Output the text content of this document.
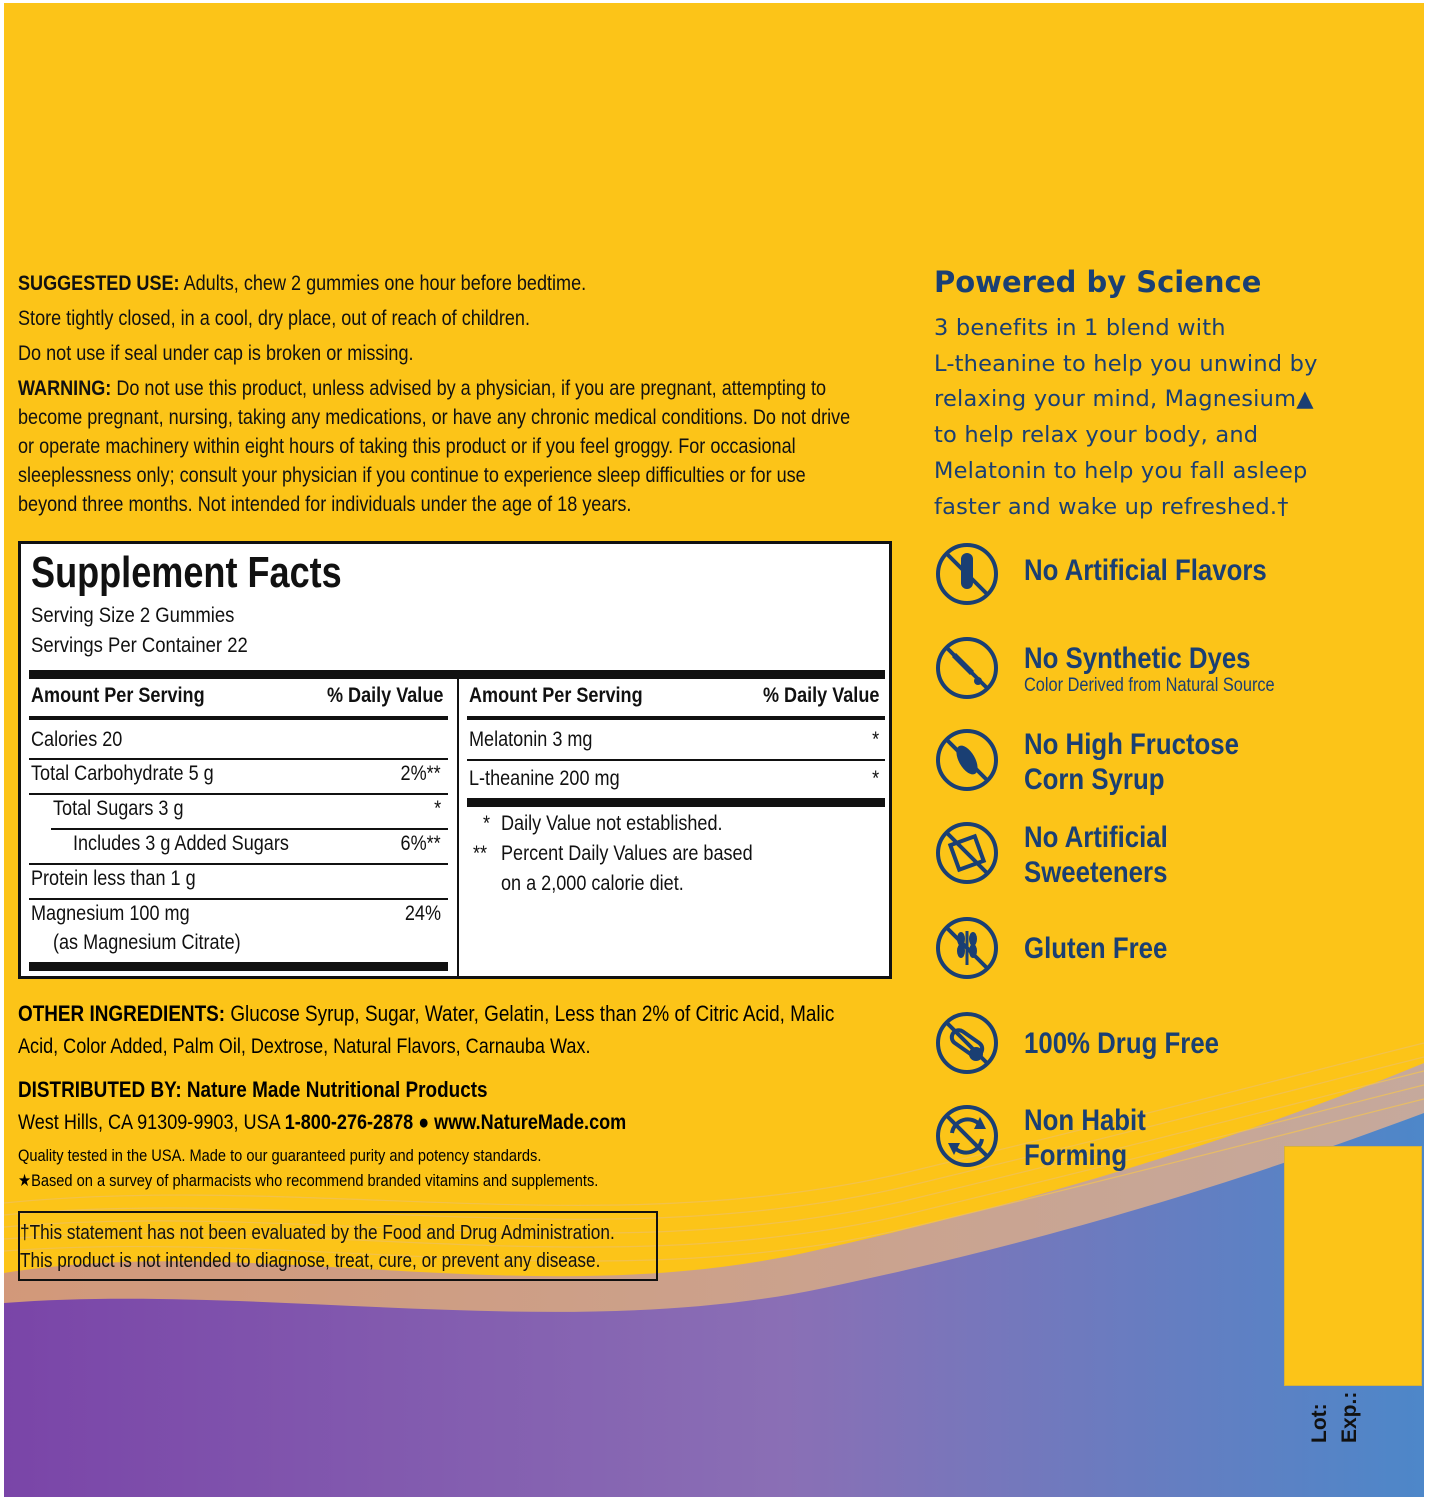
SUGGESTED USE: Adults, chew 2 gummies one hour before bedtime.

Store tightly closed, in a cool, dry place, out of reach of children.

Do not use if seal under cap is broken or missing.

WARNING: Do not use this product, unless advised by a physician, if you are pregnant, attempting to

become pregnant, nursing, taking any medications, or have any chronic medical conditions. Do not drive

or operate machinery within eight hours of taking this product or if you feel groggy. For occasional

sleeplessness only; consult your physician if you continue to experience sleep difficulties or for use

beyond three months. Not intended for individuals under the age of 18 years.

Supplement Facts
Serving Size 2 Gummies
Servings Per Container 22
Amount Per Serving	% Daily Value Amount Per Serving	% Daily Value
Calories 20
Total Carbohydrate 5 g	2%**
Total Sugars 3 g	*
Includes 3 g Added Sugars	6%**
Protein less than 1 g
Magnesium 100 mg	24%
(as Magnesium Citrate)
Melatonin 3 mg	*
L-theanine 200 mg	*
* Daily Value not established.
** Percent Daily Values are based
on a 2,000 calorie diet.

OTHER INGREDIENTS: Glucose Syrup, Sugar, Water, Gelatin, Less than 2% of Citric Acid, Malic

Acid, Color Added, Palm Oil, Dextrose, Natural Flavors, Carnauba Wax.

DISTRIBUTED BY: Nature Made Nutritional Products

West Hills, CA 91309-9903, USA 1-800-276-2878 ● www.NatureMade.com

Quality tested in the USA. Made to our guaranteed purity and potency standards.

★Based on a survey of pharmacists who recommend branded vitamins and supplements.

†This statement has not been evaluated by the Food and Drug Administration.

This product is not intended to diagnose, treat, cure, or prevent any disease.

Powered by Science

3 benefits in 1 blend with

L-theanine to help you unwind by

relaxing your mind, Magnesium▲

to help relax your body, and

Melatonin to help you fall asleep

faster and wake up refreshed.†

No Artificial Flavors
No Synthetic Dyes
Color Derived from Natural Source
No High Fructose
Corn Syrup
No Artificial
Sweeteners
Gluten Free
100% Drug Free
Non Habit
Forming
Lot: Exp.:
